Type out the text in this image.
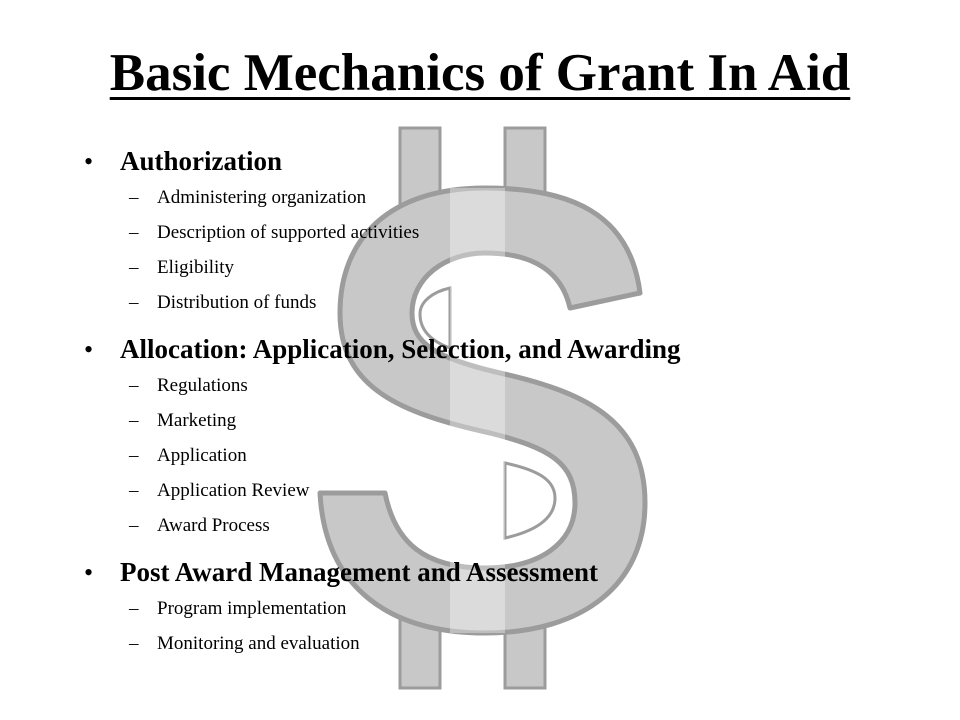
Basic Mechanics of Grant In Aid
• Authorization
– Administering organization
– Description of supported activities
– Eligibility
– Distribution of funds
• Allocation: Application, Selection, and Awarding
– Regulations
– Marketing
– Application
– Application Review
– Award Process
• Post Award Management and Assessment
– Program implementation
– Monitoring and evaluation
